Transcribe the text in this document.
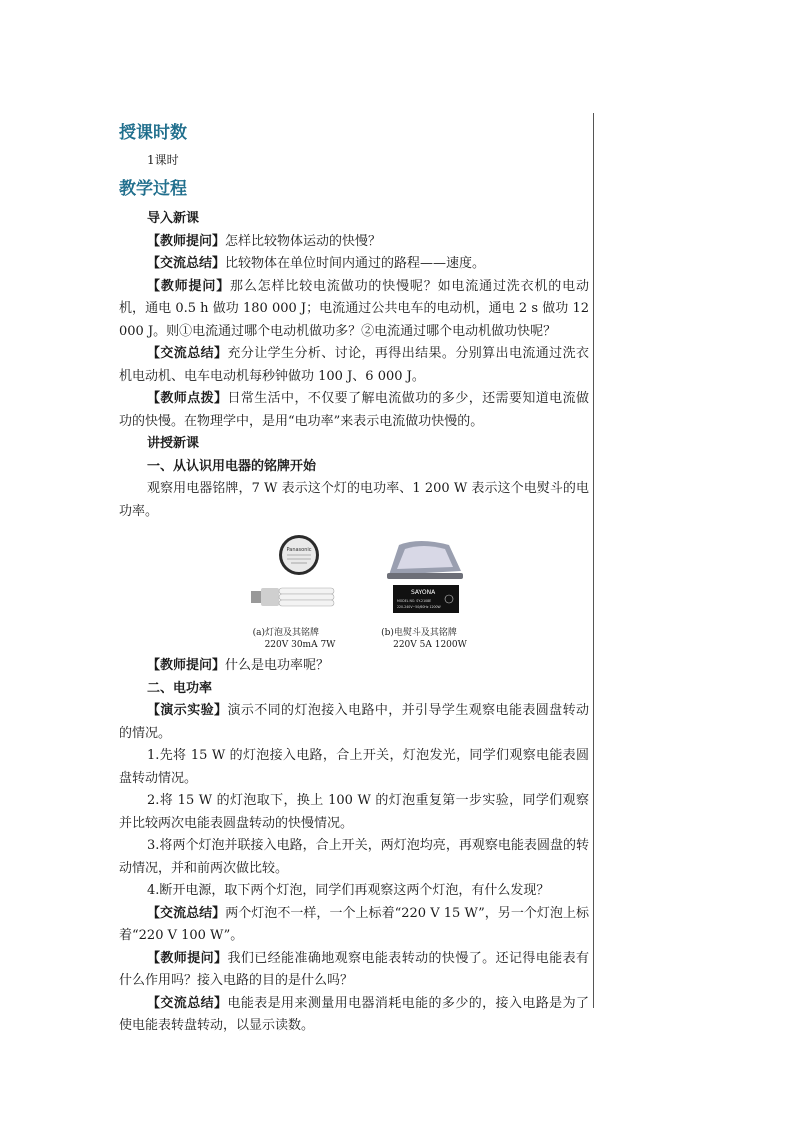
授课时数

1课时

教学过程

导入新课

【教师提问】怎样比较物体运动的快慢？

【交流总结】比较物体在单位时间内通过的路程——速度。

【教师提问】那么怎样比较电流做功的快慢呢？如电流通过洗衣机的电动机，通电 0.5 h 做功 180 000 J；电流通过公共电车的电动机，通电 2 s 做功 12 000 J。则①电流通过哪个电动机做功多？②电流通过哪个电动机做功快呢？

【交流总结】充分让学生分析、讨论，再得出结果。分别算出电流通过洗衣机电动机、电车电动机每秒钟做功 100 J、6 000 J。

【教师点拨】日常生活中，不仅要了解电流做功的多少，还需要知道电流做功的快慢。在物理学中，是用“电功率”来表示电流做功快慢的。

讲授新课

一、从认识用电器的铭牌开始

观察用电器铭牌，7 W 表示这个灯的电功率、1 200 W 表示这个电熨斗的电功率。

Panasonic
(a)灯泡及其铭牌
220V 30mA 7W
SAYONA
MODEL NO. SY-2108E
220-240V~50/60Hz 1200W
(b)电熨斗及其铭牌
220V 5A 1200W

【教师提问】什么是电功率呢？

二、电功率

【演示实验】演示不同的灯泡接入电路中，并引导学生观察电能表圆盘转动的情况。

1.先将 15 W 的灯泡接入电路，合上开关，灯泡发光，同学们观察电能表圆盘转动情况。

2.将 15 W 的灯泡取下，换上 100 W 的灯泡重复第一步实验，同学们观察并比较两次电能表圆盘转动的快慢情况。

3.将两个灯泡并联接入电路，合上开关，两灯泡均亮，再观察电能表圆盘的转动情况，并和前两次做比较。

4.断开电源，取下两个灯泡，同学们再观察这两个灯泡，有什么发现？

【交流总结】两个灯泡不一样，一个上标着“220 V 15 W”，另一个灯泡上标着“220 V 100 W”。

【教师提问】我们已经能准确地观察电能表转动的快慢了。还记得电能表有什么作用吗？接入电路的目的是什么吗？

【交流总结】电能表是用来测量用电器消耗电能的多少的，接入电路是为了使电能表转盘转动，以显示读数。
